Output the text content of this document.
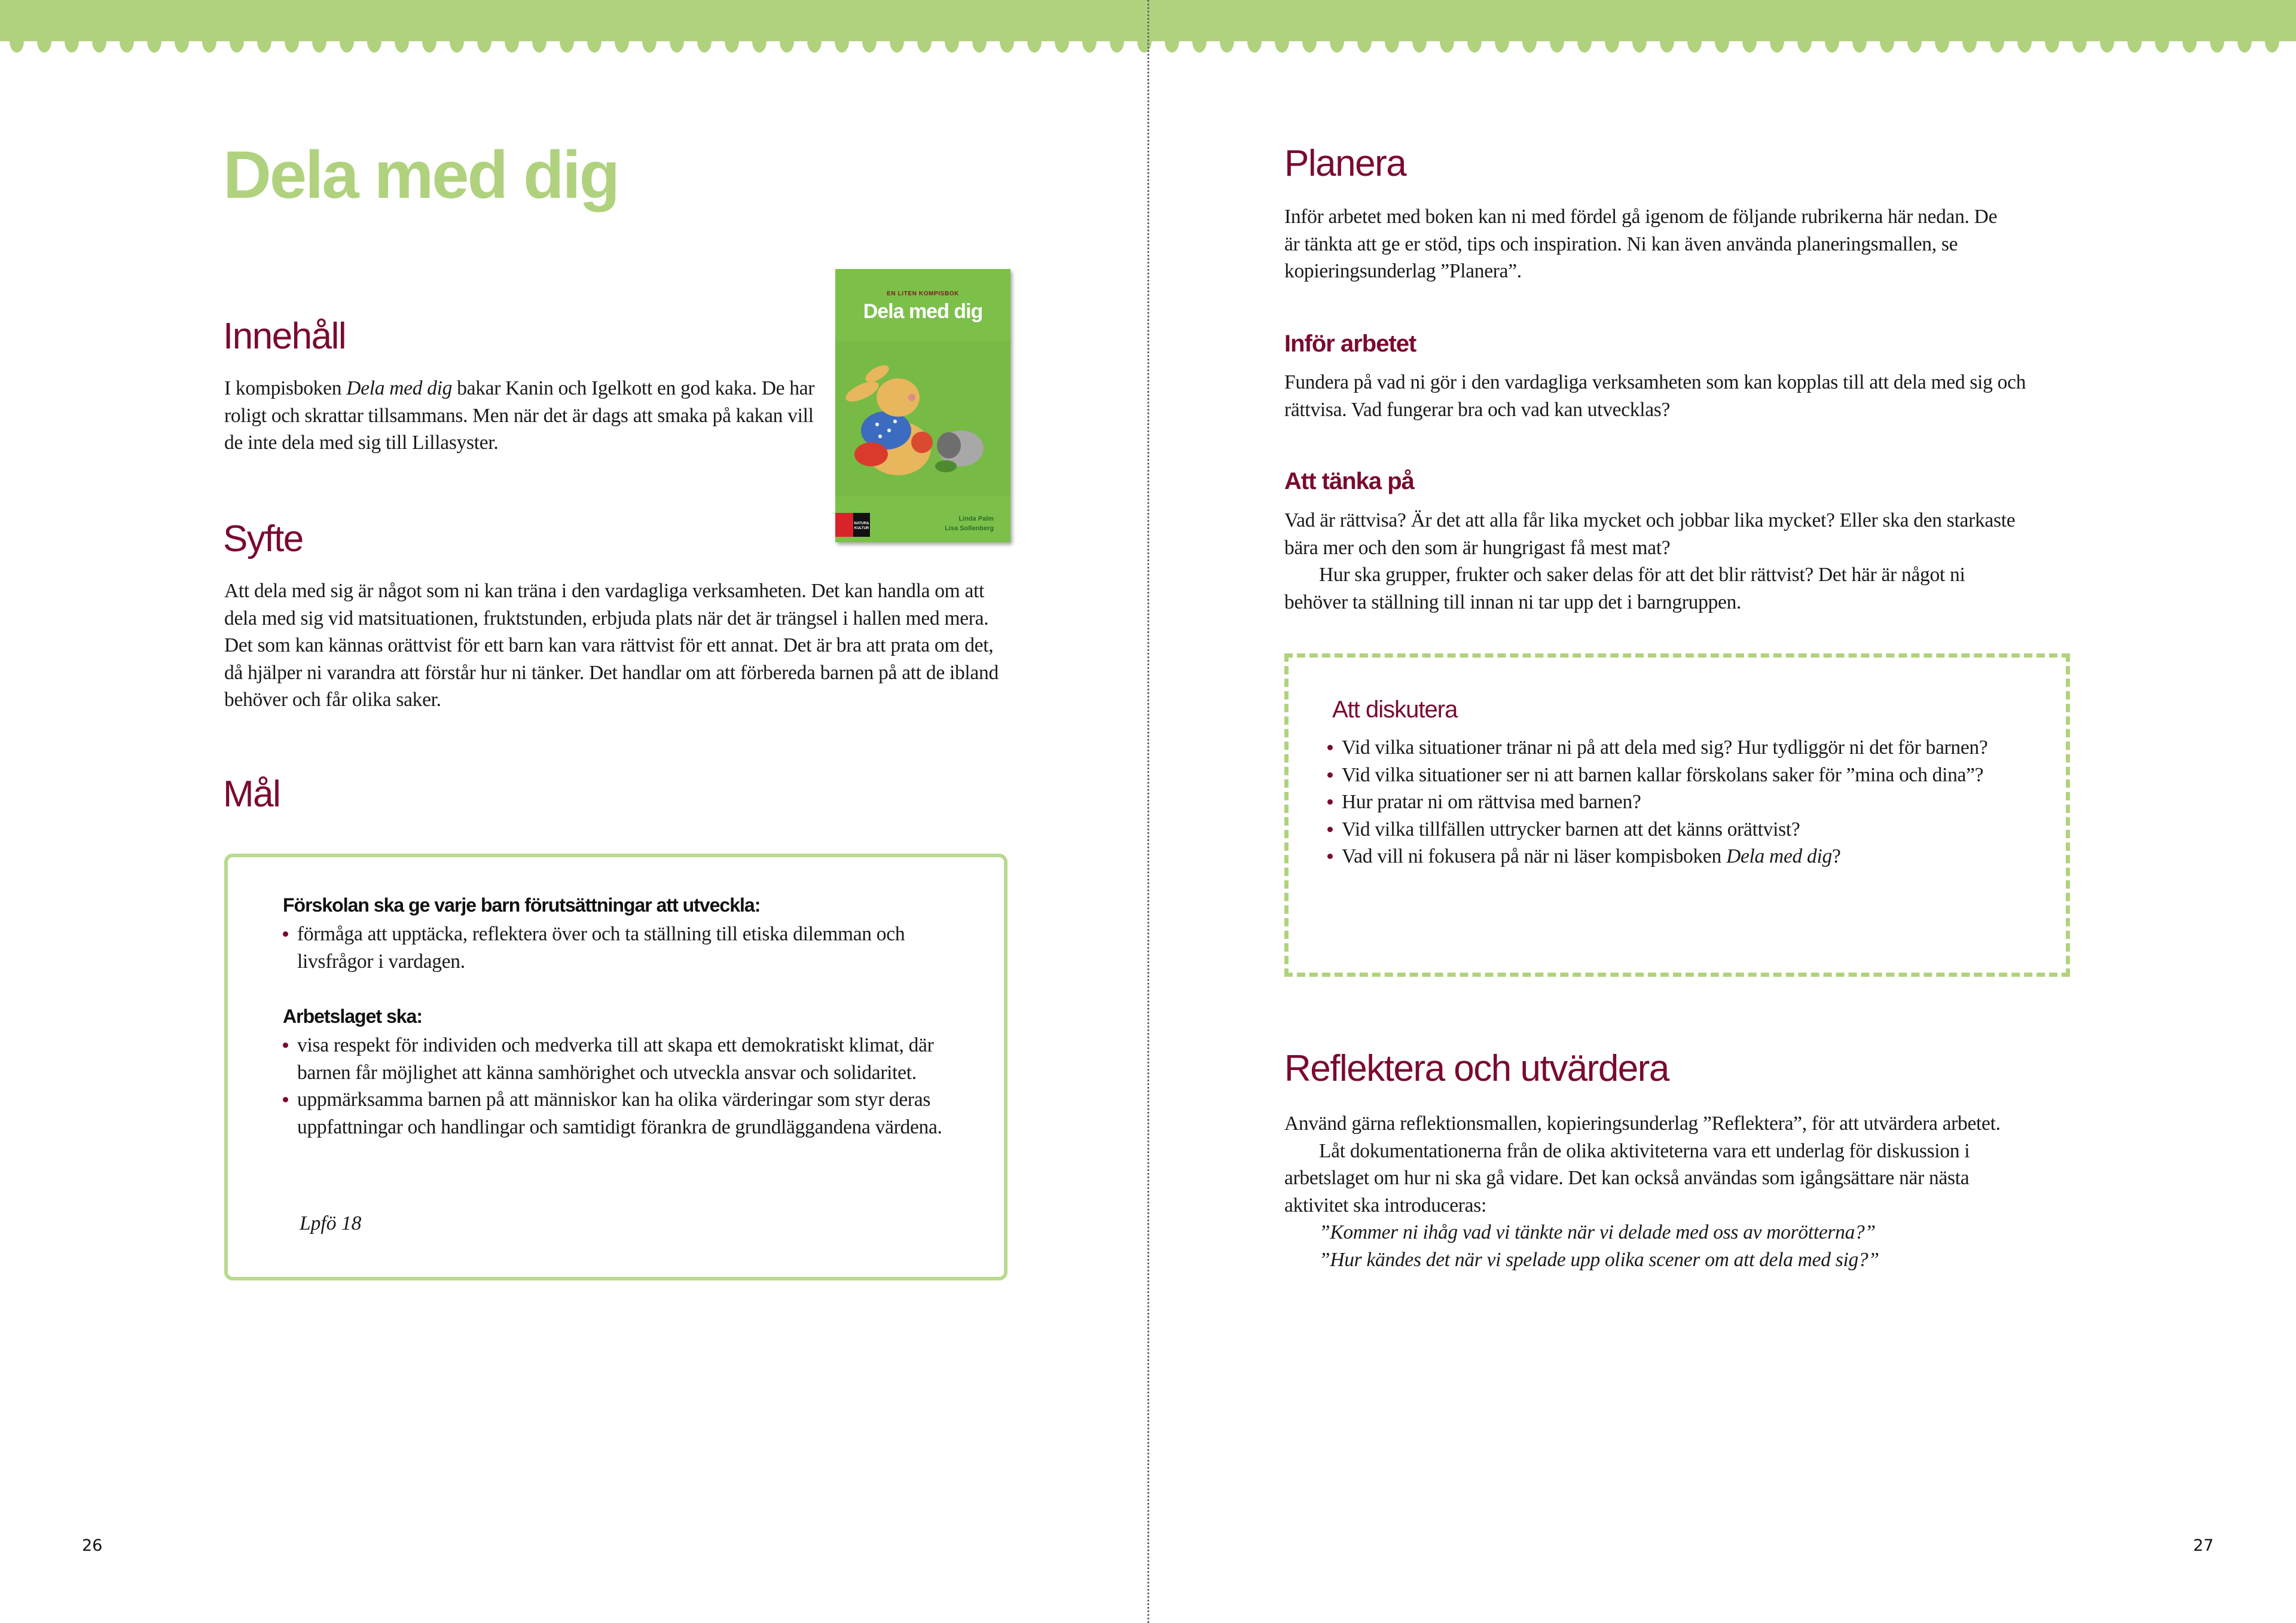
Dela med dig
EN LITEN KOMPISBOK
Dela med dig
NATUR&
KULTUR
Linda Palm
Lisa Sollenberg
Innehåll

I kompisboken Dela med dig bakar Kanin och Igelkott en god kaka. De har roligt och skrattar tillsammans. Men när det är dags att smaka på kakan vill de inte dela med sig till Lillasyster.

Syfte

Att dela med sig är något som ni kan träna i den vardagliga verksamheten. Det kan handla om att dela med sig vid matsituationen, fruktstunden, erbjuda plats när det är trängsel i hallen med mera. Det som kan kännas orättvist för ett barn kan vara rättvist för ett annat. Det är bra att prata om det, då hjälper ni varandra att förstår hur ni tänker. Det handlar om att förbereda barnen på att de ibland behöver och får olika saker.

Mål

Förskolan ska ge varje barn förutsättningar att utveckla:

förmåga att upptäcka, reflektera över och ta ställning till etiska dilemman och livsfrågor i vardagen.

Arbetslaget ska:

visa respekt för individen och medverka till att skapa ett demokratiskt klimat, där barnen får möjlighet att känna samhörighet och utveckla ansvar och solidaritet.
uppmärksamma barnen på att människor kan ha olika värderingar som styr deras uppfattningar och handlingar och samtidigt förankra de grundläggandena värdena.

Lpfö 18

26

Planera

Inför arbetet med boken kan ni med fördel gå igenom de följande rubrikerna här nedan. De är tänkta att ge er stöd, tips och inspiration. Ni kan även använda planeringsmallen, se kopieringsunderlag ”Planera”.

Inför arbetet

Fundera på vad ni gör i den vardagliga verksamheten som kan kopplas till att dela med sig och rättvisa. Vad fungerar bra och vad kan utvecklas?

Att tänka på

Vad är rättvisa? Är det att alla får lika mycket och jobbar lika mycket? Eller ska den starkaste bära mer och den som är hungrigast få mest mat?

Hur ska grupper, frukter och saker delas för att det blir rättvist? Det här är något ni behöver ta ställning till innan ni tar upp det i barngruppen.

Att diskutera

Vid vilka situationer tränar ni på att dela med sig? Hur tydliggör ni det för barnen?
Vid vilka situationer ser ni att barnen kallar förskolans saker för ”mina och dina”?
Hur pratar ni om rättvisa med barnen?
Vid vilka tillfällen uttrycker barnen att det känns orättvist?
Vad vill ni fokusera på när ni läser kompisboken Dela med dig?
Reflektera och utvärdera

Använd gärna reflektionsmallen, kopieringsunderlag ”Reflektera”, för att utvärdera arbetet.

Låt dokumentationerna från de olika aktiviteterna vara ett underlag för diskussion i arbetslaget om hur ni ska gå vidare. Det kan också användas som igångsättare när nästa aktivitet ska introduceras:

”Kommer ni ihåg vad vi tänkte när vi delade med oss av morötterna?”

”Hur kändes det när vi spelade upp olika scener om att dela med sig?”

27
